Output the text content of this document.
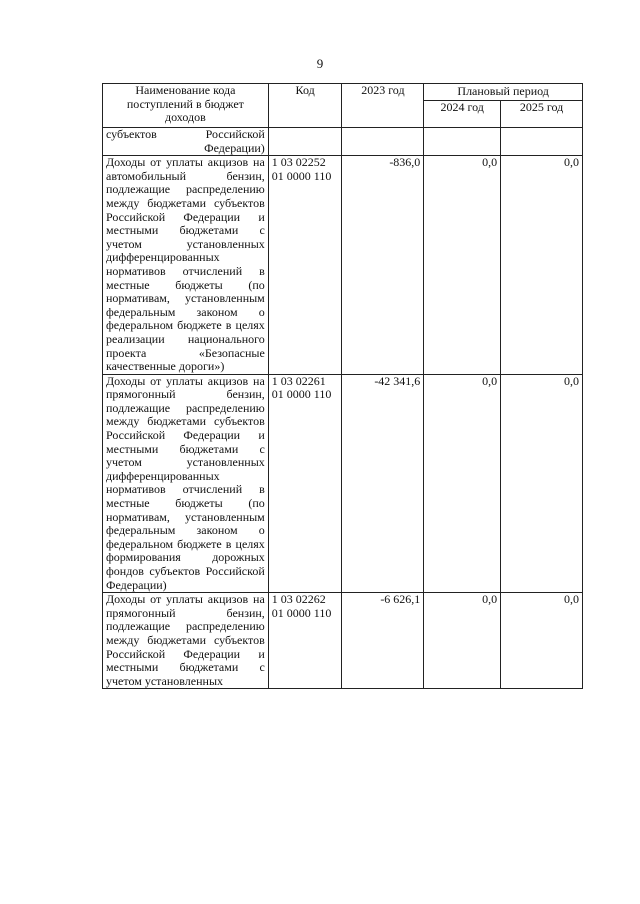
9
Наименование кода поступлений в бюджет доходов	Код	2023 год	Плановый период	
			2024 год	2025 год

субъектов Российской
Федерации)				

Доходы от уплаты акцизов на автомобильный бензин, подлежащие распределению между бюджетами субъектов Российской Федерации и местными бюджетами с учетом установленных дифференцированных нормативов отчислений в местные бюджеты (по нормативам, установленным федеральным законом о федеральном бюджете в целях реализации национального проекта «Безопасные качественные дороги»)	1 03 02252 01 0000 110	-836,0	0,0	0,0
Доходы от уплаты акцизов на прямогонный бензин, подлежащие распределению между бюджетами субъектов Российской Федерации и местными бюджетами с учетом установленных дифференцированных нормативов отчислений в местные бюджеты (по нормативам, установленным федеральным законом о федеральном бюджете в целях формирования дорожных фондов субъектов Российской Федерации)	1 03 02261 01 0000 110	-42 341,6	0,0	0,0
Доходы от уплаты акцизов на прямогонный бензин, подлежащие распределению между бюджетами субъектов Российской Федерации и местными бюджетами с учетом установленных	1 03 02262 01 0000 110	-6 626,1	0,0	0,0
